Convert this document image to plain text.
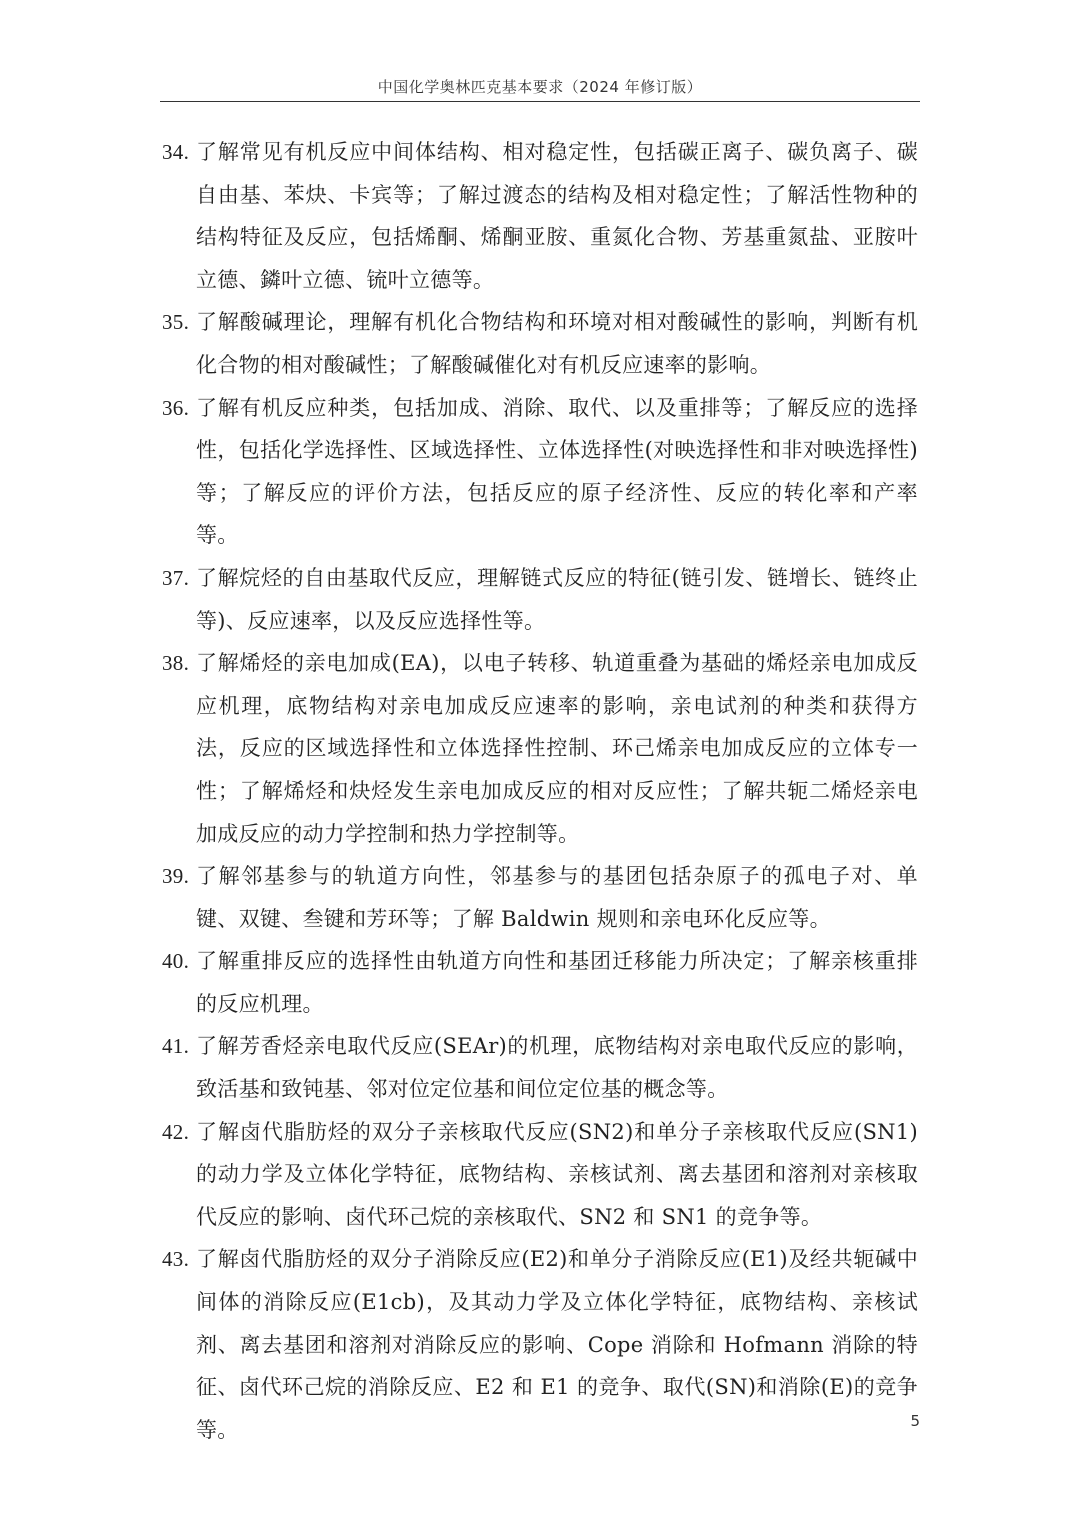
中国化学奥林匹克基本要求（2024 年修订版）
34. 了解常见有机反应中间体结构、相对稳定性，包括碳正离子、碳负离子、碳自由基、苯炔、卡宾等；了解过渡态的结构及相对稳定性；了解活性物种的结构特征及反应，包括烯酮、烯酮亚胺、重氮化合物、芳基重氮盐、亚胺叶立德、鏻叶立德、锍叶立德等。
35. 了解酸碱理论，理解有机化合物结构和环境对相对酸碱性的影响，判断有机化合物的相对酸碱性；了解酸碱催化对有机反应速率的影响。
36. 了解有机反应种类，包括加成、消除、取代、以及重排等；了解反应的选择性，包括化学选择性、区域选择性、立体选择性(对映选择性和非对映选择性)等；了解反应的评价方法，包括反应的原子经济性、反应的转化率和产率等。
37. 了解烷烃的自由基取代反应，理解链式反应的特征(链引发、链增长、链终止等)、反应速率，以及反应选择性等。
38. 了解烯烃的亲电加成(EA)，以电子转移、轨道重叠为基础的烯烃亲电加成反应机理，底物结构对亲电加成反应速率的影响，亲电试剂的种类和获得方法，反应的区域选择性和立体选择性控制、环己烯亲电加成反应的立体专一性；了解烯烃和炔烃发生亲电加成反应的相对反应性；了解共轭二烯烃亲电加成反应的动力学控制和热力学控制等。
39. 了解邻基参与的轨道方向性，邻基参与的基团包括杂原子的孤电子对、单键、双键、叁键和芳环等；了解 Baldwin 规则和亲电环化反应等。
40. 了解重排反应的选择性由轨道方向性和基团迁移能力所决定；了解亲核重排的反应机理。
41. 了解芳香烃亲电取代反应(SEAr)的机理，底物结构对亲电取代反应的影响，致活基和致钝基、邻对位定位基和间位定位基的概念等。
42. 了解卤代脂肪烃的双分子亲核取代反应(SN2)和单分子亲核取代反应(SN1)的动力学及立体化学特征，底物结构、亲核试剂、离去基团和溶剂对亲核取代反应的影响、卤代环己烷的亲核取代、SN2 和 SN1 的竞争等。
43. 了解卤代脂肪烃的双分子消除反应(E2)和单分子消除反应(E1)及经共轭碱中间体的消除反应(E1cb)，及其动力学及立体化学特征，底物结构、亲核试剂、离去基团和溶剂对消除反应的影响、Cope 消除和 Hofmann 消除的特征、卤代环己烷的消除反应、E2 和 E1 的竞争、取代(SN)和消除(E)的竞争等。	5
